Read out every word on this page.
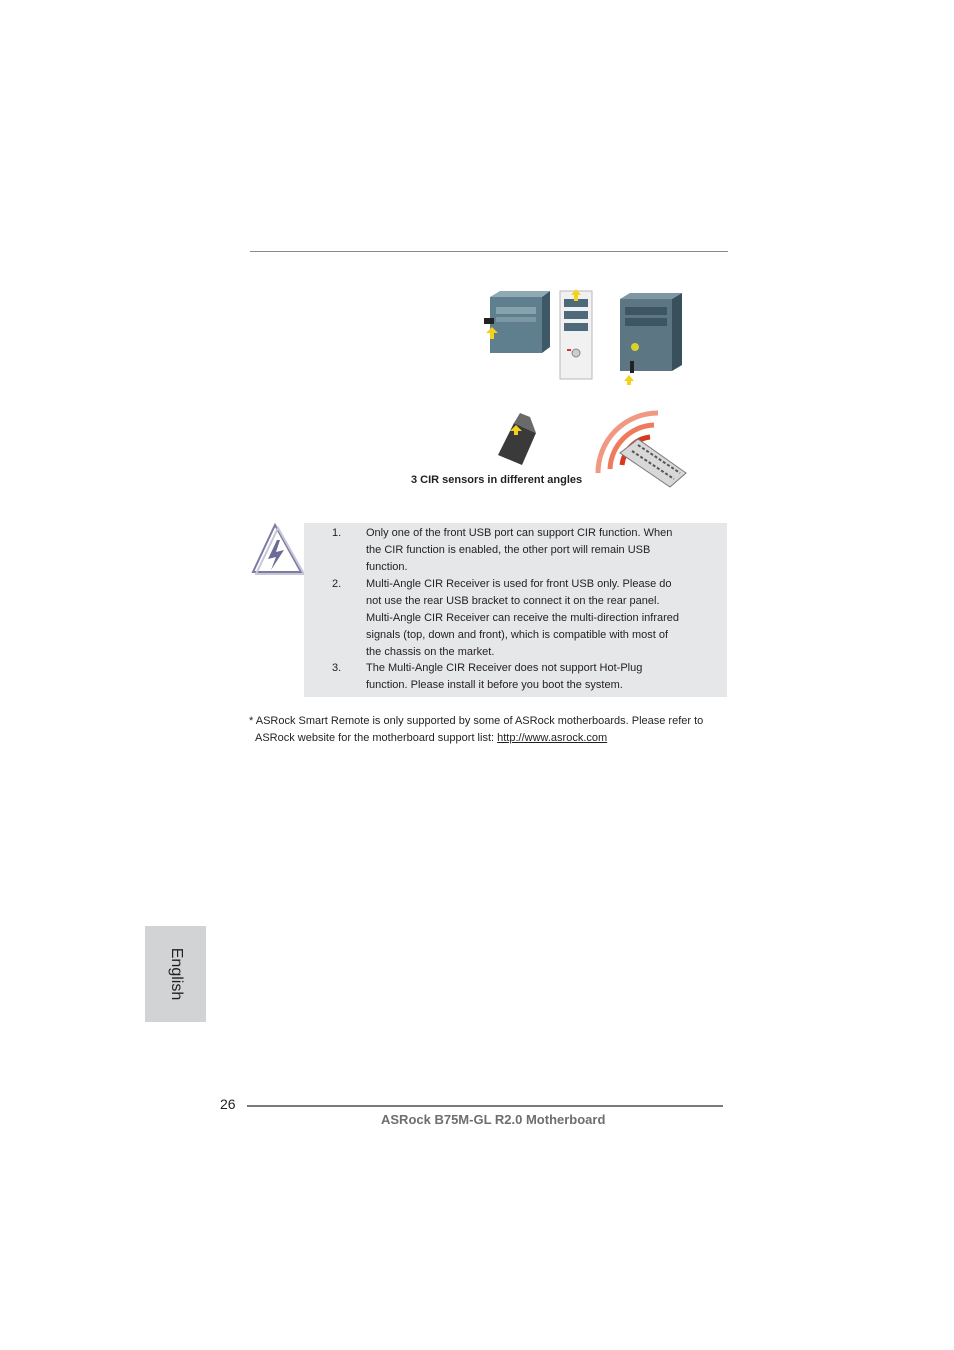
3 CIR sensors in different angles
1. Only one of the front USB port can support CIR function. When
the CIR function is enabled, the other port will remain USB
function.
2. Multi-Angle CIR Receiver is used for front USB only. Please do
not use the rear USB bracket to connect it on the rear panel.
Multi-Angle CIR Receiver can receive the multi-direction infrared
signals (top, down and front), which is compatible with most of
the chassis on the market.
3. The Multi-Angle CIR Receiver does not support Hot-Plug
function. Please install it before you boot the system.
* ASRock Smart Remote is only supported by some of ASRock motherboards. Please refer to
ASRock website for the motherboard support list: http://www.asrock.com
English
26
ASRock B75M-GL R2.0 Motherboard
